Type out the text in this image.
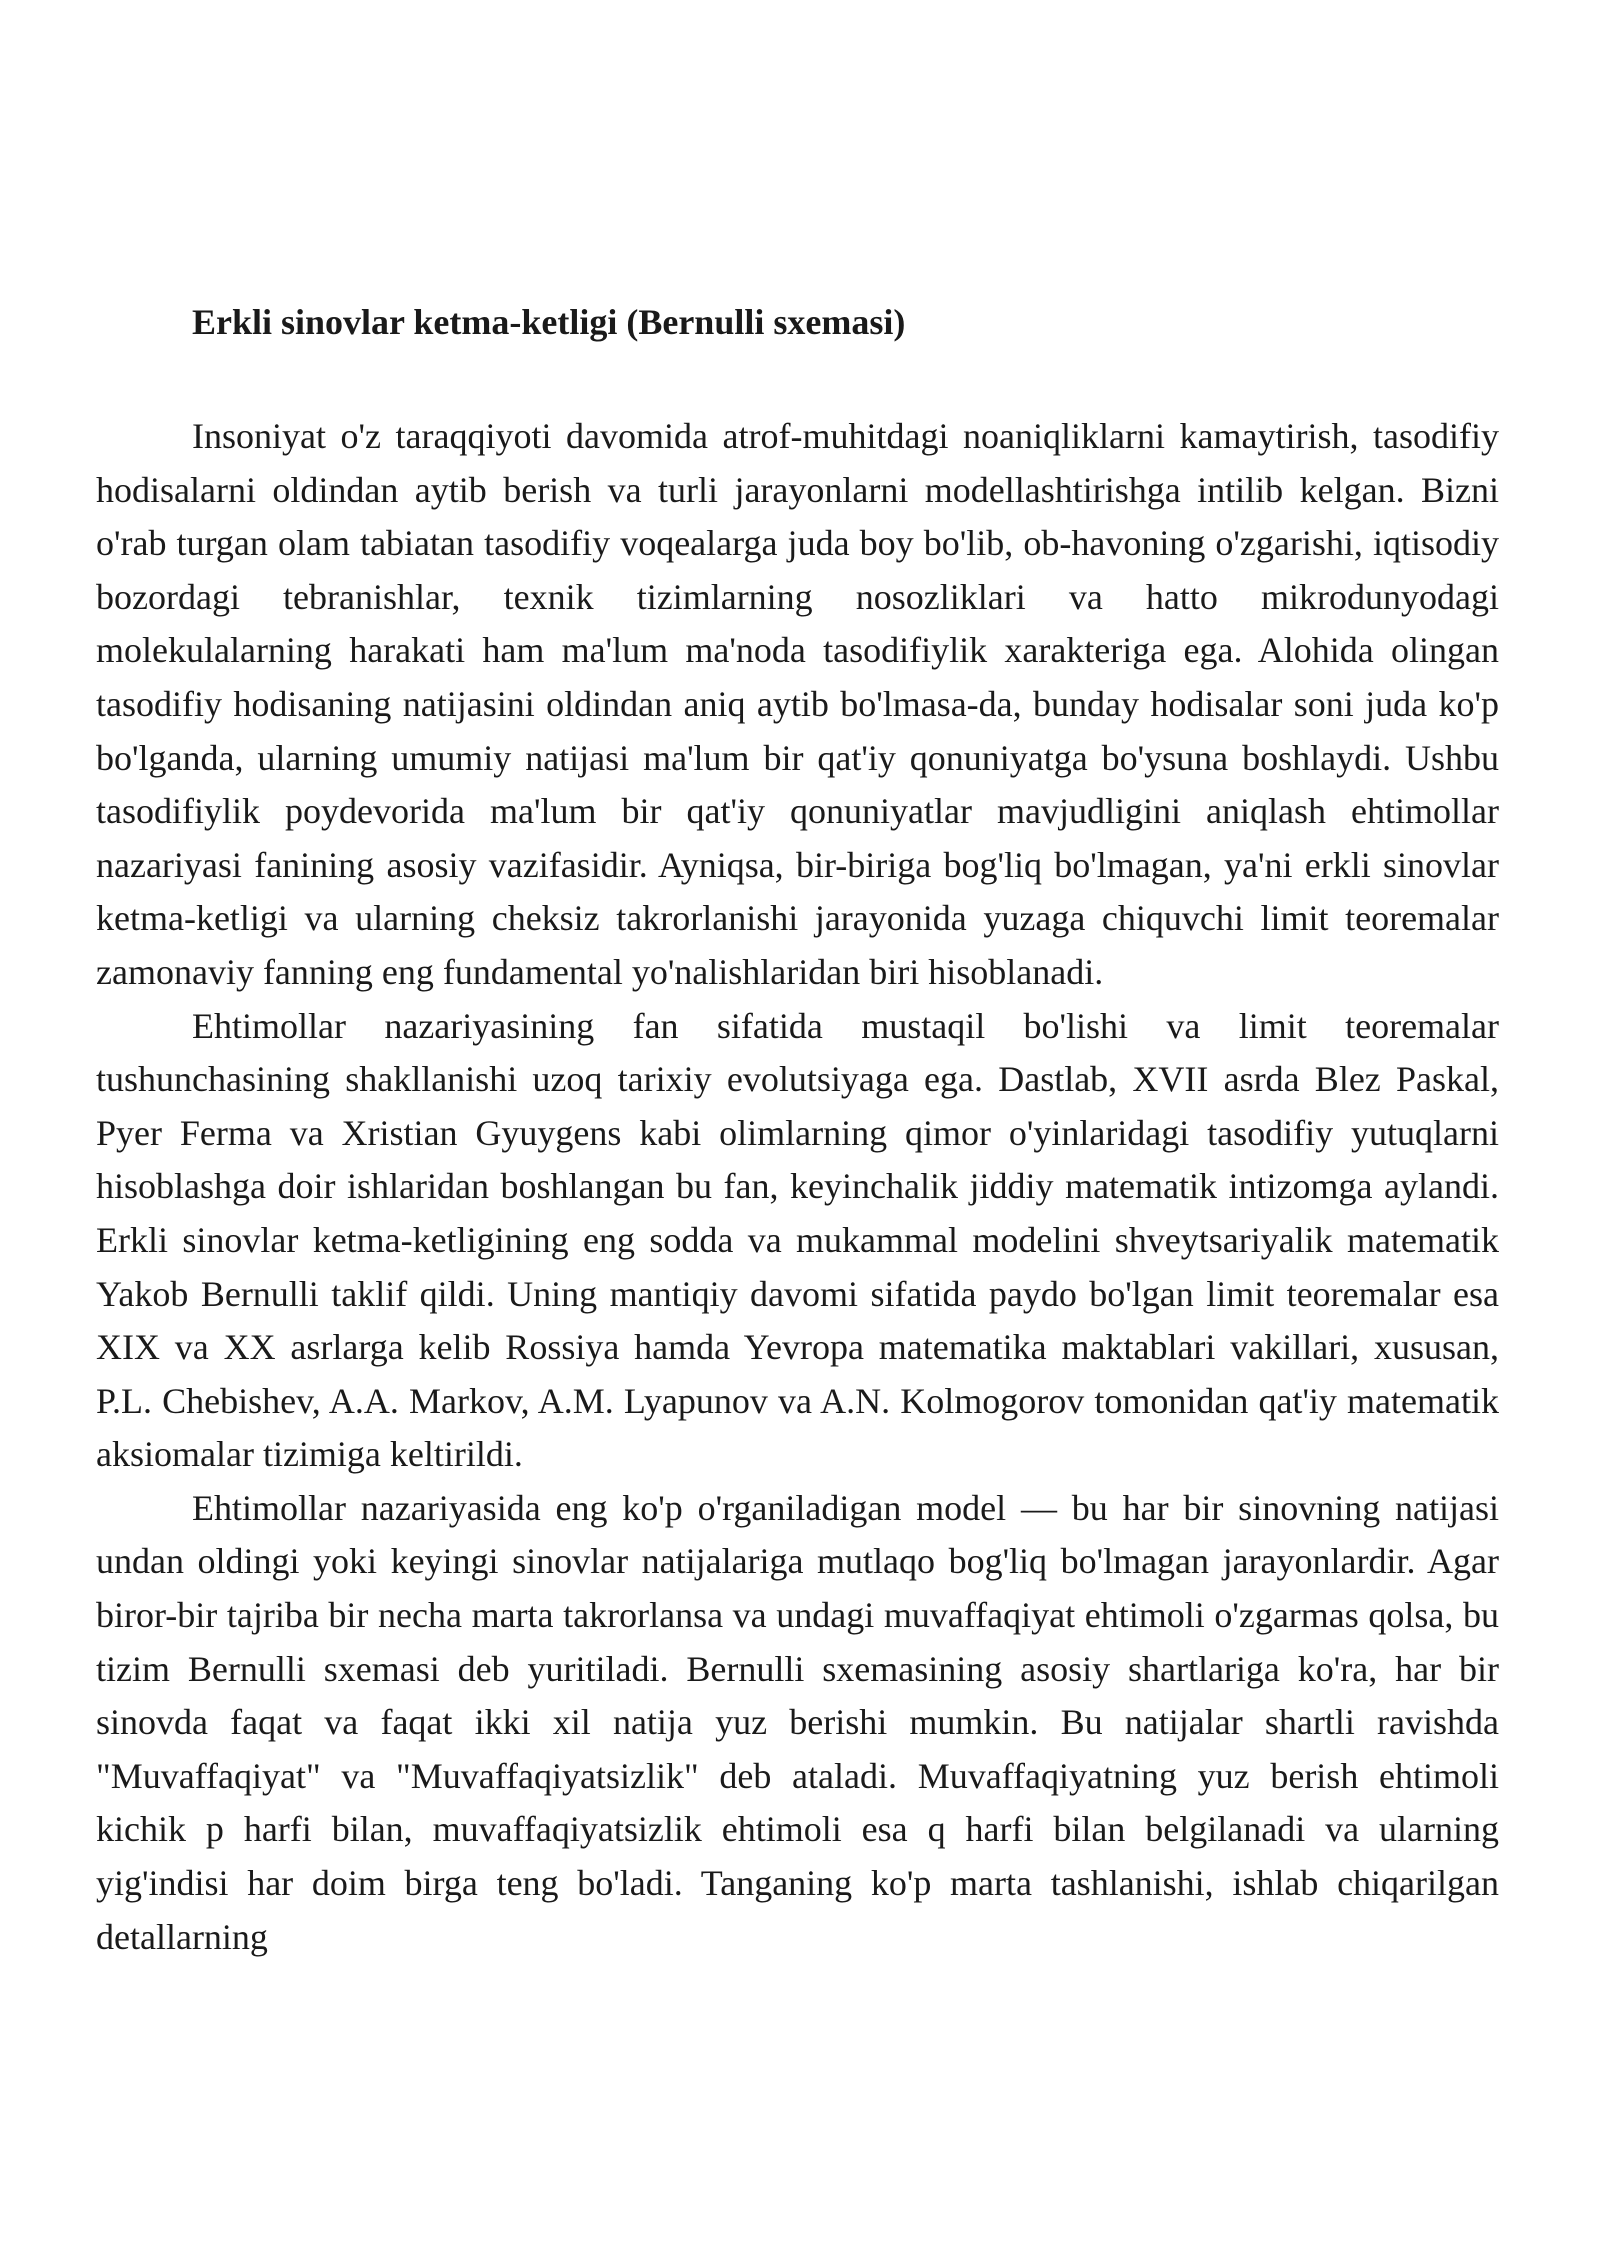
Erkli sinovlar ketma-ketligi (Bernulli sxemasi)

Insoniyat o'z taraqqiyoti davomida atrof-muhitdagi noaniqliklarni kamaytirish, tasodifiy hodisalarni oldindan aytib berish va turli jarayonlarni modellashtirishga intilib kelgan. Bizni o'rab turgan olam tabiatan tasodifiy voqealarga juda boy bo'lib, ob-havoning o'zgarishi, iqtisodiy bozordagi tebranishlar, texnik tizimlarning nosozliklari va hatto mikrodunyodagi molekulalarning harakati ham ma'lum ma'noda tasodifiylik xarakteriga ega. Alohida olingan tasodifiy hodisaning natijasini oldindan aniq aytib bo'lmasa-da, bunday hodisalar soni juda ko'p bo'lganda, ularning umumiy natijasi ma'lum bir qat'iy qonuniyatga bo'ysuna boshlaydi. Ushbu tasodifiylik poydevorida ma'lum bir qat'iy qonuniyatlar mavjudligini aniqlash ehtimollar nazariyasi fanining asosiy vazifasidir. Ayniqsa, bir-biriga bog'liq bo'lmagan, ya'ni erkli sinovlar ketma-ketligi va ularning cheksiz takrorlanishi jarayonida yuzaga chiquvchi limit teoremalar zamonaviy fanning eng fundamental yo'nalishlaridan biri hisoblanadi.

Ehtimollar nazariyasining fan sifatida mustaqil bo'lishi va limit teoremalar tushunchasining shakllanishi uzoq tarixiy evolutsiyaga ega. Dastlab, XVII asrda Blez Paskal, Pyer Ferma va Xristian Gyuygens kabi olimlarning qimor o'yinlaridagi tasodifiy yutuqlarni hisoblashga doir ishlaridan boshlangan bu fan, keyinchalik jiddiy matematik intizomga aylandi. Erkli sinovlar ketma-ketligining eng sodda va mukammal modelini shveytsariyalik matematik Yakob Bernulli taklif qildi. Uning mantiqiy davomi sifatida paydo bo'lgan limit teoremalar esa XIX va XX asrlarga kelib Rossiya hamda Yevropa matematika maktablari vakillari, xususan, P.L. Chebishev, A.A. Markov, A.M. Lyapunov va A.N. Kolmogorov tomonidan qat'iy matematik aksiomalar tizimiga keltirildi.

Ehtimollar nazariyasida eng ko'p o'rganiladigan model — bu har bir sinovning natijasi undan oldingi yoki keyingi sinovlar natijalariga mutlaqo bog'liq bo'lmagan jarayonlardir. Agar biror-bir tajriba bir necha marta takrorlansa va undagi muvaffaqiyat ehtimoli o'zgarmas qolsa, bu tizim Bernulli sxemasi deb yuritiladi. Bernulli sxemasining asosiy shartlariga ko'ra, har bir sinovda faqat va faqat ikki xil natija yuz berishi mumkin. Bu natijalar shartli ravishda "Muvaffaqiyat" va "Muvaffaqiyatsizlik" deb ataladi. Muvaffaqiyatning yuz berish ehtimoli kichik p harfi bilan, muvaffaqiyatsizlik ehtimoli esa q harfi bilan belgilanadi va ularning yig'indisi har doim birga teng bo'ladi. Tanganing ko'p marta tashlanishi, ishlab chiqarilgan detallarning
